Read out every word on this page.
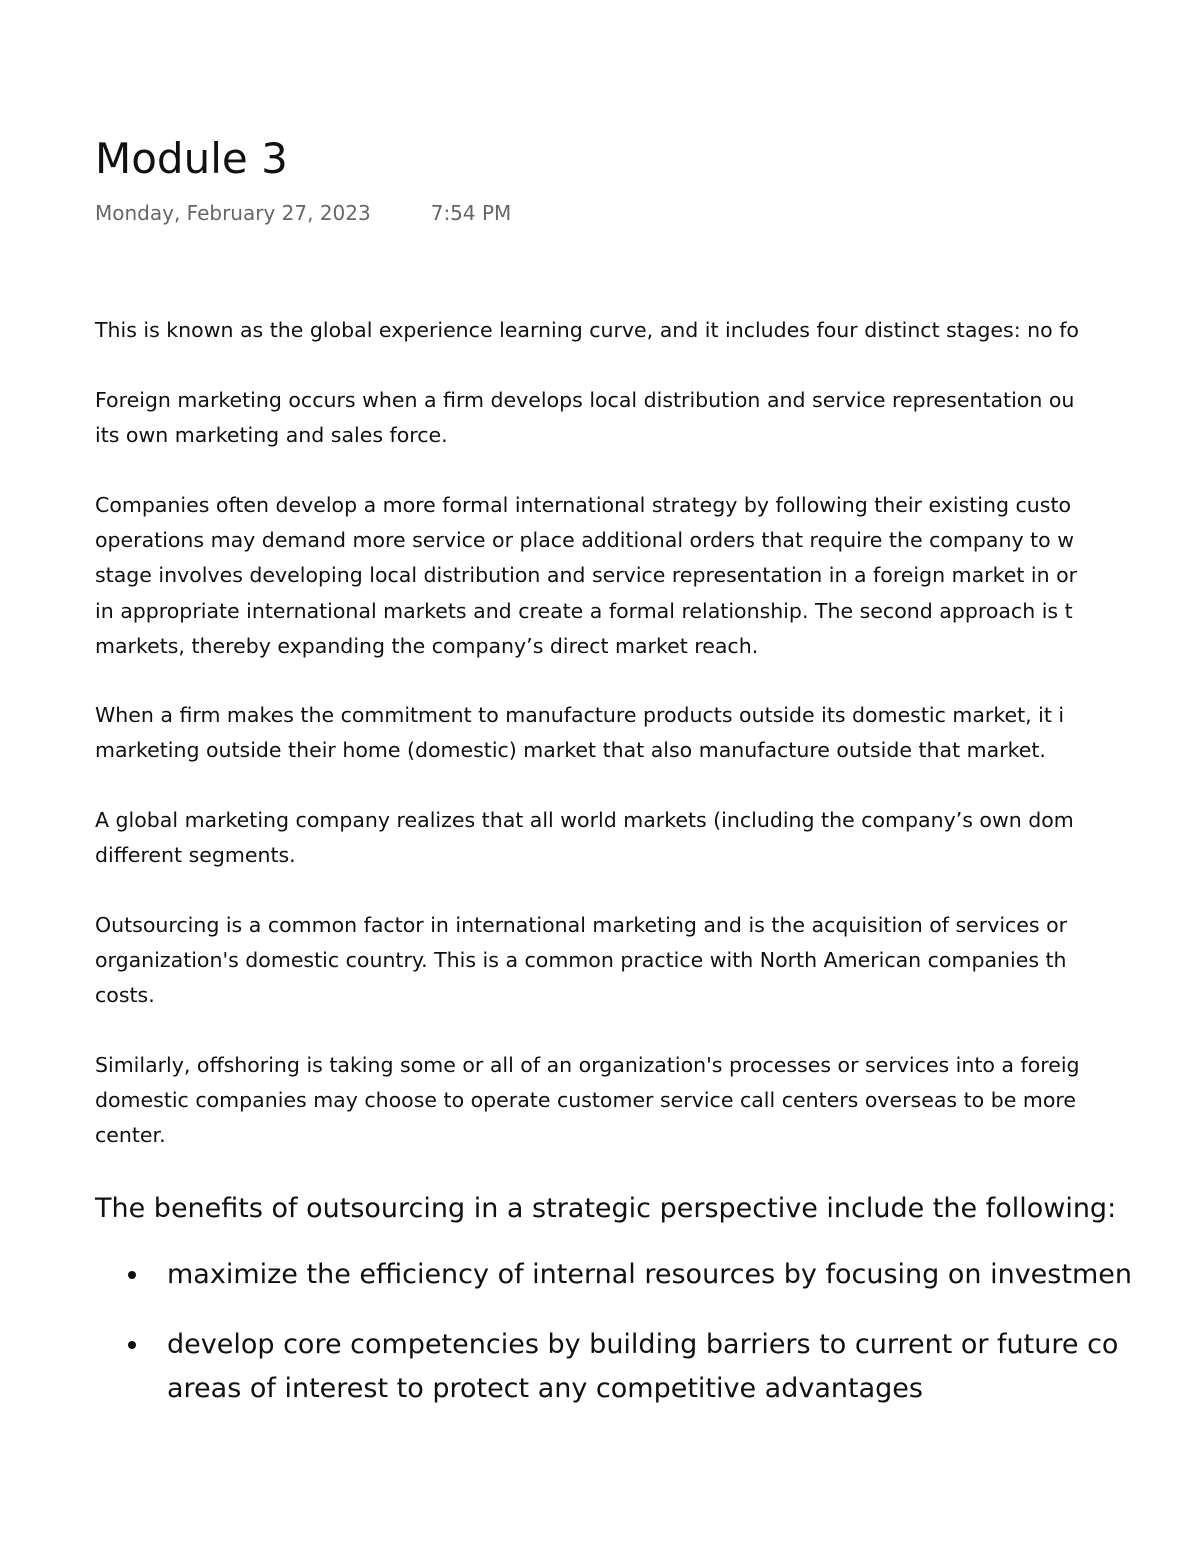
Module 3
Monday, February 27, 2023	7:54 PM
This is known as the global experience learning curve, and it includes four distinct stages: no fo
Foreign marketing occurs when a firm develops local distribution and service representation ou
its own marketing and sales force.
Companies often develop a more formal international strategy by following their existing custo
operations may demand more service or place additional orders that require the company to w
stage involves developing local distribution and service representation in a foreign market in or
in appropriate international markets and create a formal relationship. The second approach is t
markets, thereby expanding the company’s direct market reach.
When a firm makes the commitment to manufacture products outside its domestic market, it i
marketing outside their home (domestic) market that also manufacture outside that market.
A global marketing company realizes that all world markets (including the company’s own dom
different segments.
Outsourcing is a common factor in international marketing and is the acquisition of services or
organization's domestic country. This is a common practice with North American companies th
costs.
Similarly, offshoring is taking some or all of an organization's processes or services into a foreig
domestic companies may choose to operate customer service call centers overseas to be more
center.
The benefits of outsourcing in a strategic perspective include the following:
maximize the efficiency of internal resources by focusing on investmen
develop core competencies by building barriers to current or future co
areas of interest to protect any competitive advantages
